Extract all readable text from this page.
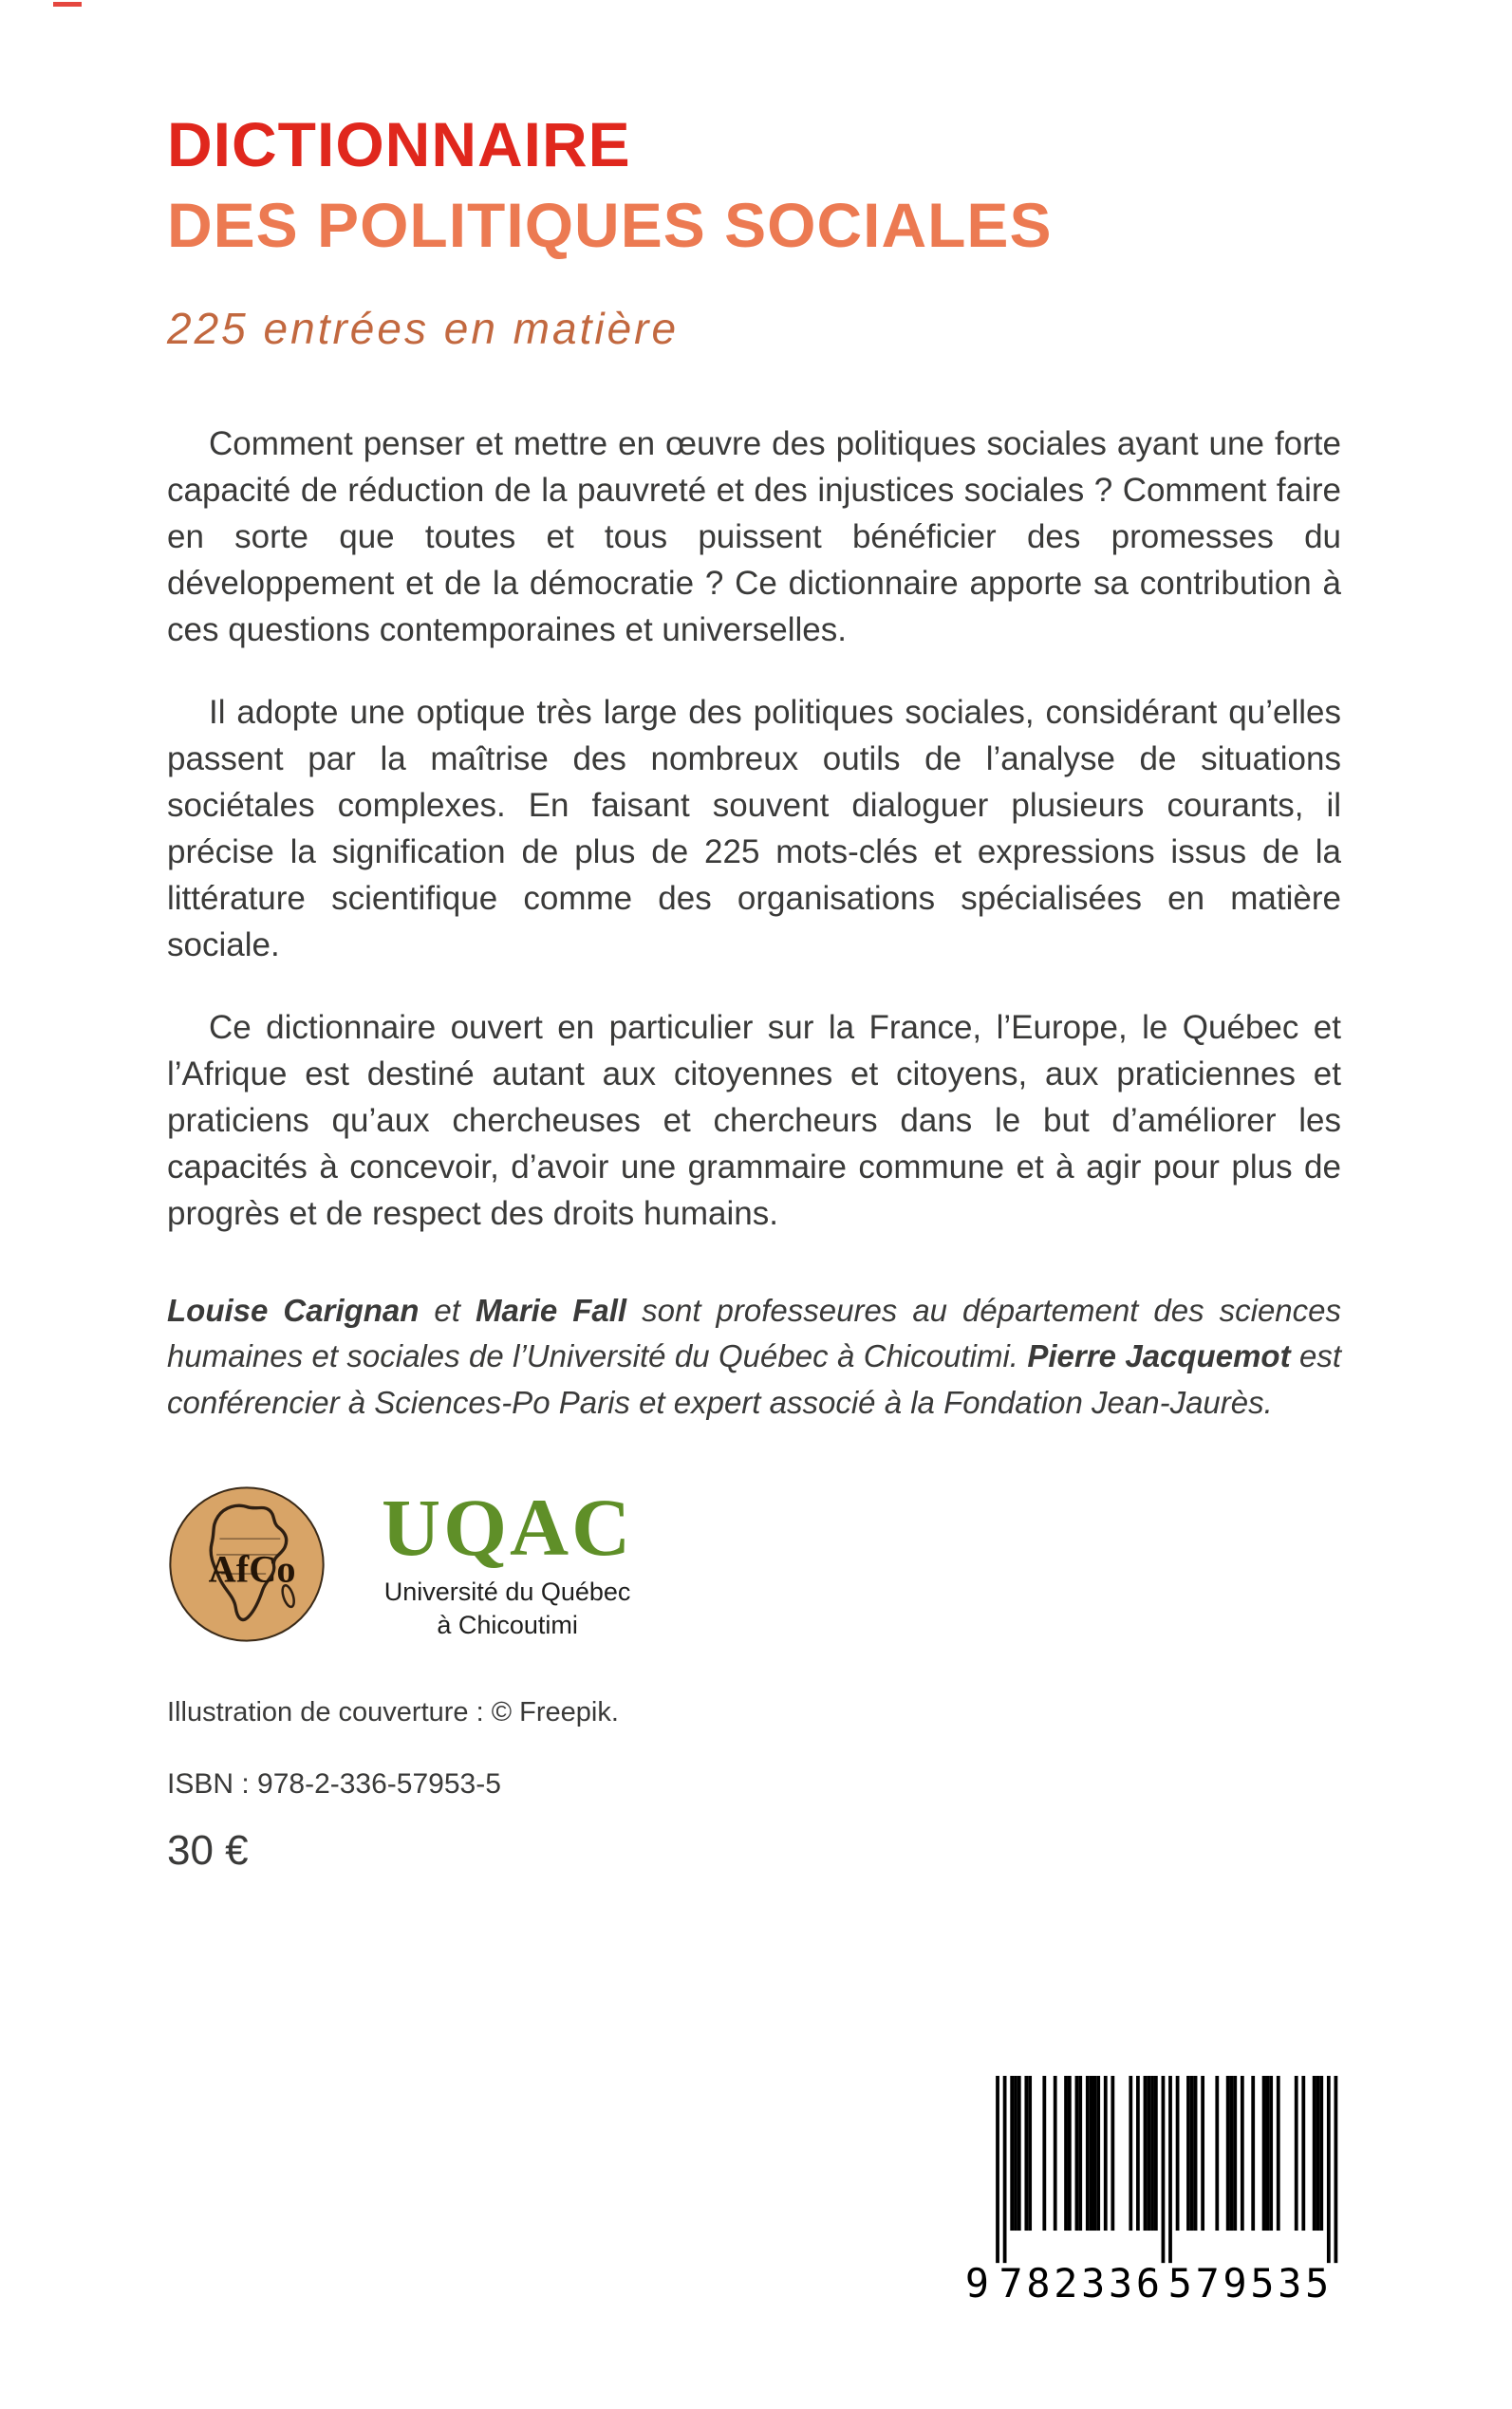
DICTIONNAIRE
DES POLITIQUES SOCIALES
225 entrées en matière

Comment penser et mettre en œuvre des politiques sociales ayant une forte capacité de réduction de la pauvreté et des injustices sociales ? Comment faire en sorte que toutes et tous puissent bénéficier des promesses du développement et de la démocratie ? Ce dictionnaire apporte sa contribution à ces questions contemporaines et universelles.

Il adopte une optique très large des politiques sociales, considérant qu’elles passent par la maîtrise des nombreux outils de l’analyse de situations sociétales complexes. En faisant souvent dialoguer plusieurs courants, il précise la signification de plus de 225 mots-clés et expressions issus de la littérature scientifique comme des organisations spécialisées en matière sociale.

Ce dictionnaire ouvert en particulier sur la France, l’Europe, le Québec et l’Afrique est destiné autant aux citoyennes et citoyens, aux praticiennes et praticiens qu’aux chercheuses et chercheurs dans le but d’améliorer les capacités à concevoir, d’avoir une grammaire commune et à agir pour plus de progrès et de respect des droits humains.

Louise Carignan et Marie Fall sont professeures au département des sciences humaines et sociales de l’Université du Québec à Chicoutimi. Pierre Jacquemot est conférencier à Sciences-Po Paris et expert associé à la Fondation Jean-Jaurès.
AfCo UQAC
Université du Québec
à Chicoutimi
Illustration de couverture : © Freepik.
ISBN : 978-2-336-57953-5
30 €
9 782336 579535
